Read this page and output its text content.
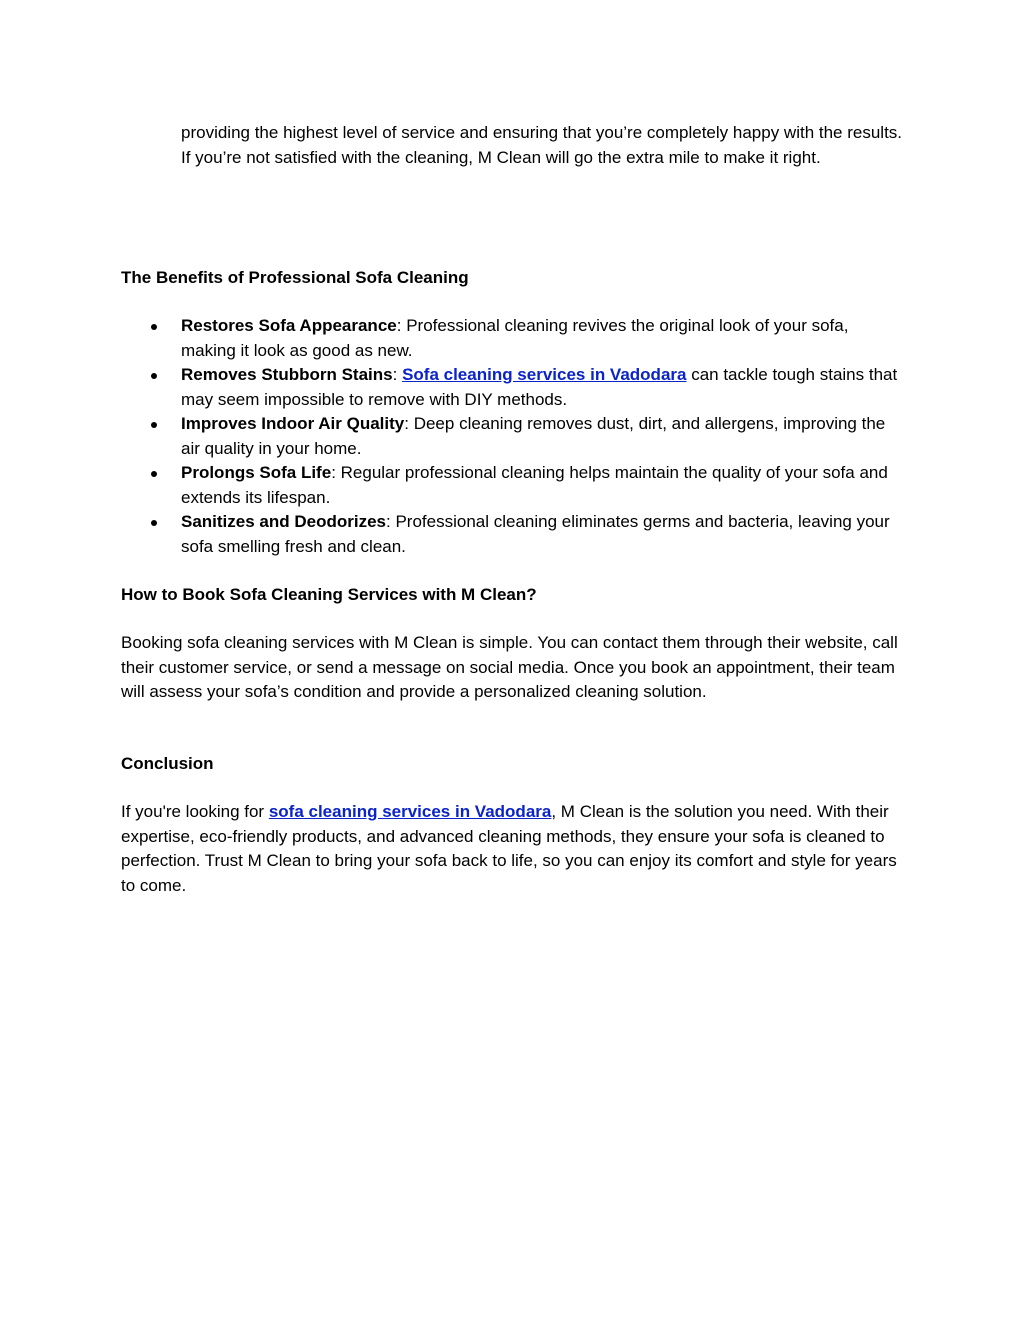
providing the highest level of service and ensuring that you’re completely happy with the results. If you’re not satisfied with the cleaning, M Clean will go the extra mile to make it right.

The Benefits of Professional Sofa Cleaning

Restores Sofa Appearance: Professional cleaning revives the original look of your sofa, making it look as good as new.
Removes Stubborn Stains: Sofa cleaning services in Vadodara can tackle tough stains that may seem impossible to remove with DIY methods.
Improves Indoor Air Quality: Deep cleaning removes dust, dirt, and allergens, improving the air quality in your home.
Prolongs Sofa Life: Regular professional cleaning helps maintain the quality of your sofa and extends its lifespan.
Sanitizes and Deodorizes: Professional cleaning eliminates germs and bacteria, leaving your sofa smelling fresh and clean.

How to Book Sofa Cleaning Services with M Clean?

Booking sofa cleaning services with M Clean is simple. You can contact them through their website, call their customer service, or send a message on social media. Once you book an appointment, their team will assess your sofa’s condition and provide a personalized cleaning solution.

Conclusion

If you're looking for sofa cleaning services in Vadodara, M Clean is the solution you need. With their expertise, eco-friendly products, and advanced cleaning methods, they ensure your sofa is cleaned to perfection. Trust M Clean to bring your sofa back to life, so you can enjoy its comfort and style for years to come.
